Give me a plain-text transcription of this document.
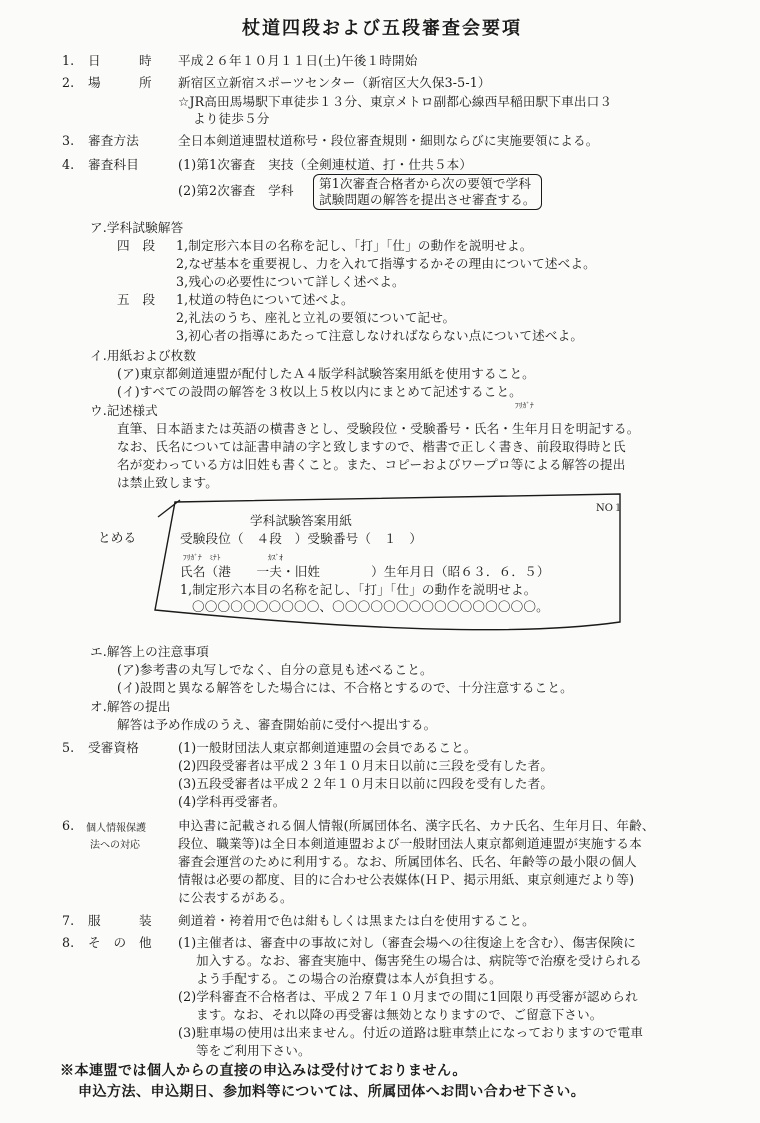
杖道四段および五段審査会要項
1. 日　　　時 平成２６年１０月１１日(土)午後１時開始
2. 場　　　所 新宿区立新宿スポーツセンター（新宿区大久保3-5-1）
☆JR高田馬場駅下車徒歩１３分、東京メトロ副都心線西早稲田駅下車出口３
より徒歩５分
3. 審査方法	全日本剣道連盟杖道称号・段位審査規則・細則ならびに実施要領による。
4. 審査科目	(1)第1次審査　実技（全剣連杖道、打・仕共５本）
(2)第2次審査　学科 第1次審査合格者から次の要領で学科
試験問題の解答を提出させ審査する。
ア.学科試験解答
四　段 1,制定形六本目の名称を記し、「打」「仕」の動作を説明せよ。
2,なぜ基本を重要視し、力を入れて指導するかその理由について述べよ。
3,残心の必要性について詳しく述べよ。
五　段 1,杖道の特色について述べよ。
2,礼法のうち、座礼と立礼の要領について記せ。
3,初心者の指導にあたって注意しなければならない点について述べよ。
イ.用紙および枚数
(ア)東京都剣道連盟が配付したＡ４版学科試験答案用紙を使用すること。
(イ)すべての設問の解答を３枚以上５枚以内にまとめて記述すること。
ウ.記述様式	ﾌﾘｶﾞﾅ
直筆、日本語または英語の横書きとし、受験段位・受験番号・氏名・生年月日を明記する。
なお、氏名については証書申請の字と致しますので、楷書で正しく書き、前段取得時と氏
名が変わっている方は旧姓も書くこと。また、コピーおよびワープロ等による解答の提出
は禁止致します。
とめる
NO１
学科試験答案用紙
受験段位（　４段　）受験番号（　１　）
ﾌﾘｶﾞﾅ　ﾐﾅﾄ	ｶｽﾞｵ
氏名（港　　一夫・旧姓　　　　）生年月日（昭６３．６．５）
1,制定形六本目の名称を記し、「打」「仕」の動作を説明せよ。
〇〇〇〇〇〇〇〇〇〇、〇〇〇〇〇〇〇〇〇〇〇〇〇〇〇〇。
エ.解答上の注意事項
(ア)参考書の丸写しでなく、自分の意見も述べること。
(イ)設問と異なる解答をした場合には、不合格とするので、十分注意すること。
オ.解答の提出
解答は予め作成のうえ、審査開始前に受付へ提出する。
5. 受審資格	(1)一般財団法人東京都剣道連盟の会員であること。
(2)四段受審者は平成２３年１０月末日以前に三段を受有した者。
(3)五段受審者は平成２２年１０月末日以前に四段を受有した者。
(4)学科再受審者。
6. 個人情報保護
法への対応
申込書に記載される個人情報(所属団体名、漢字氏名、カナ氏名、生年月日、年齢、
段位、職業等)は全日本剣道連盟および一般財団法人東京都剣道連盟が実施する本
審査会運営のために利用する。なお、所属団体名、氏名、年齢等の最小限の個人
情報は必要の都度、目的に合わせ公表媒体(ＨＰ、掲示用紙、東京剣連だより等)
に公表するがある。
7. 服　　　装 剣道着・袴着用で色は紺もしくは黒または白を使用すること。
8. そ　の　他 (1)主催者は、審査中の事故に対し（審査会場への往復途上を含む）、傷害保険に
加入する。なお、審査実施中、傷害発生の場合は、病院等で治療を受けられる
よう手配する。この場合の治療費は本人が負担する。
(2)学科審査不合格者は、平成２７年１０月までの間に1回限り再受審が認められ
ます。なお、それ以降の再受審は無効となりますので、ご留意下さい。
(3)駐車場の使用は出来ません。付近の道路は駐車禁止になっておりますので電車
等をご利用下さい。
※本連盟では個人からの直接の申込みは受付けておりません。
申込方法、申込期日、参加料等については、所属団体へお問い合わせ下さい。
